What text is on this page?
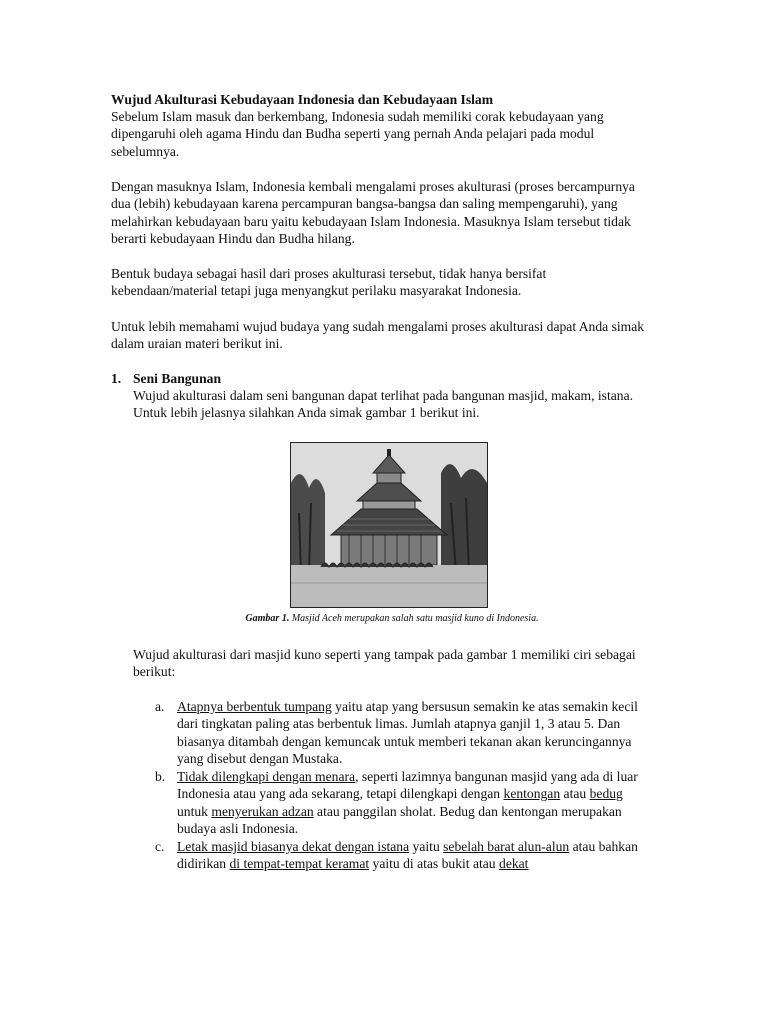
Wujud Akulturasi Kebudayaan Indonesia dan Kebudayaan Islam

Sebelum Islam masuk dan berkembang, Indonesia sudah memiliki corak kebudayaan yang dipengaruhi oleh agama Hindu dan Budha seperti yang pernah Anda pelajari pada modul sebelumnya.

Dengan masuknya Islam, Indonesia kembali mengalami proses akulturasi (proses bercampurnya dua (lebih) kebudayaan karena percampuran bangsa-bangsa dan saling mempengaruhi), yang melahirkan kebudayaan baru yaitu kebudayaan Islam Indonesia. Masuknya Islam tersebut tidak berarti kebudayaan Hindu dan Budha hilang.

Bentuk budaya sebagai hasil dari proses akulturasi tersebut, tidak hanya bersifat kebendaan/material tetapi juga menyangkut perilaku masyarakat Indonesia.

Untuk lebih memahami wujud budaya yang sudah mengalami proses akulturasi dapat Anda simak dalam uraian materi berikut ini.

1. Seni Bangunan

Wujud akulturasi dalam seni bangunan dapat terlihat pada bangunan masjid, makam, istana. Untuk lebih jelasnya silahkan Anda simak gambar 1 berikut ini.

Gambar 1. Masjid Aceh merupakan salah satu masjid kuno di Indonesia.

Wujud akulturasi dari masjid kuno seperti yang tampak pada gambar 1 memiliki ciri sebagai berikut:

a. Atapnya berbentuk tumpang yaitu atap yang bersusun semakin ke atas semakin kecil dari tingkatan paling atas berbentuk limas. Jumlah atapnya ganjil 1, 3 atau 5. Dan biasanya ditambah dengan kemuncak untuk memberi tekanan akan keruncingannya yang disebut dengan Mustaka.

b. Tidak dilengkapi dengan menara, seperti lazimnya bangunan masjid yang ada di luar Indonesia atau yang ada sekarang, tetapi dilengkapi dengan kentongan atau bedug untuk menyerukan adzan atau panggilan sholat. Bedug dan kentongan merupakan budaya asli Indonesia.

c. Letak masjid biasanya dekat dengan istana yaitu sebelah barat alun-alun atau bahkan didirikan di tempat-tempat keramat yaitu di atas bukit atau dekat
